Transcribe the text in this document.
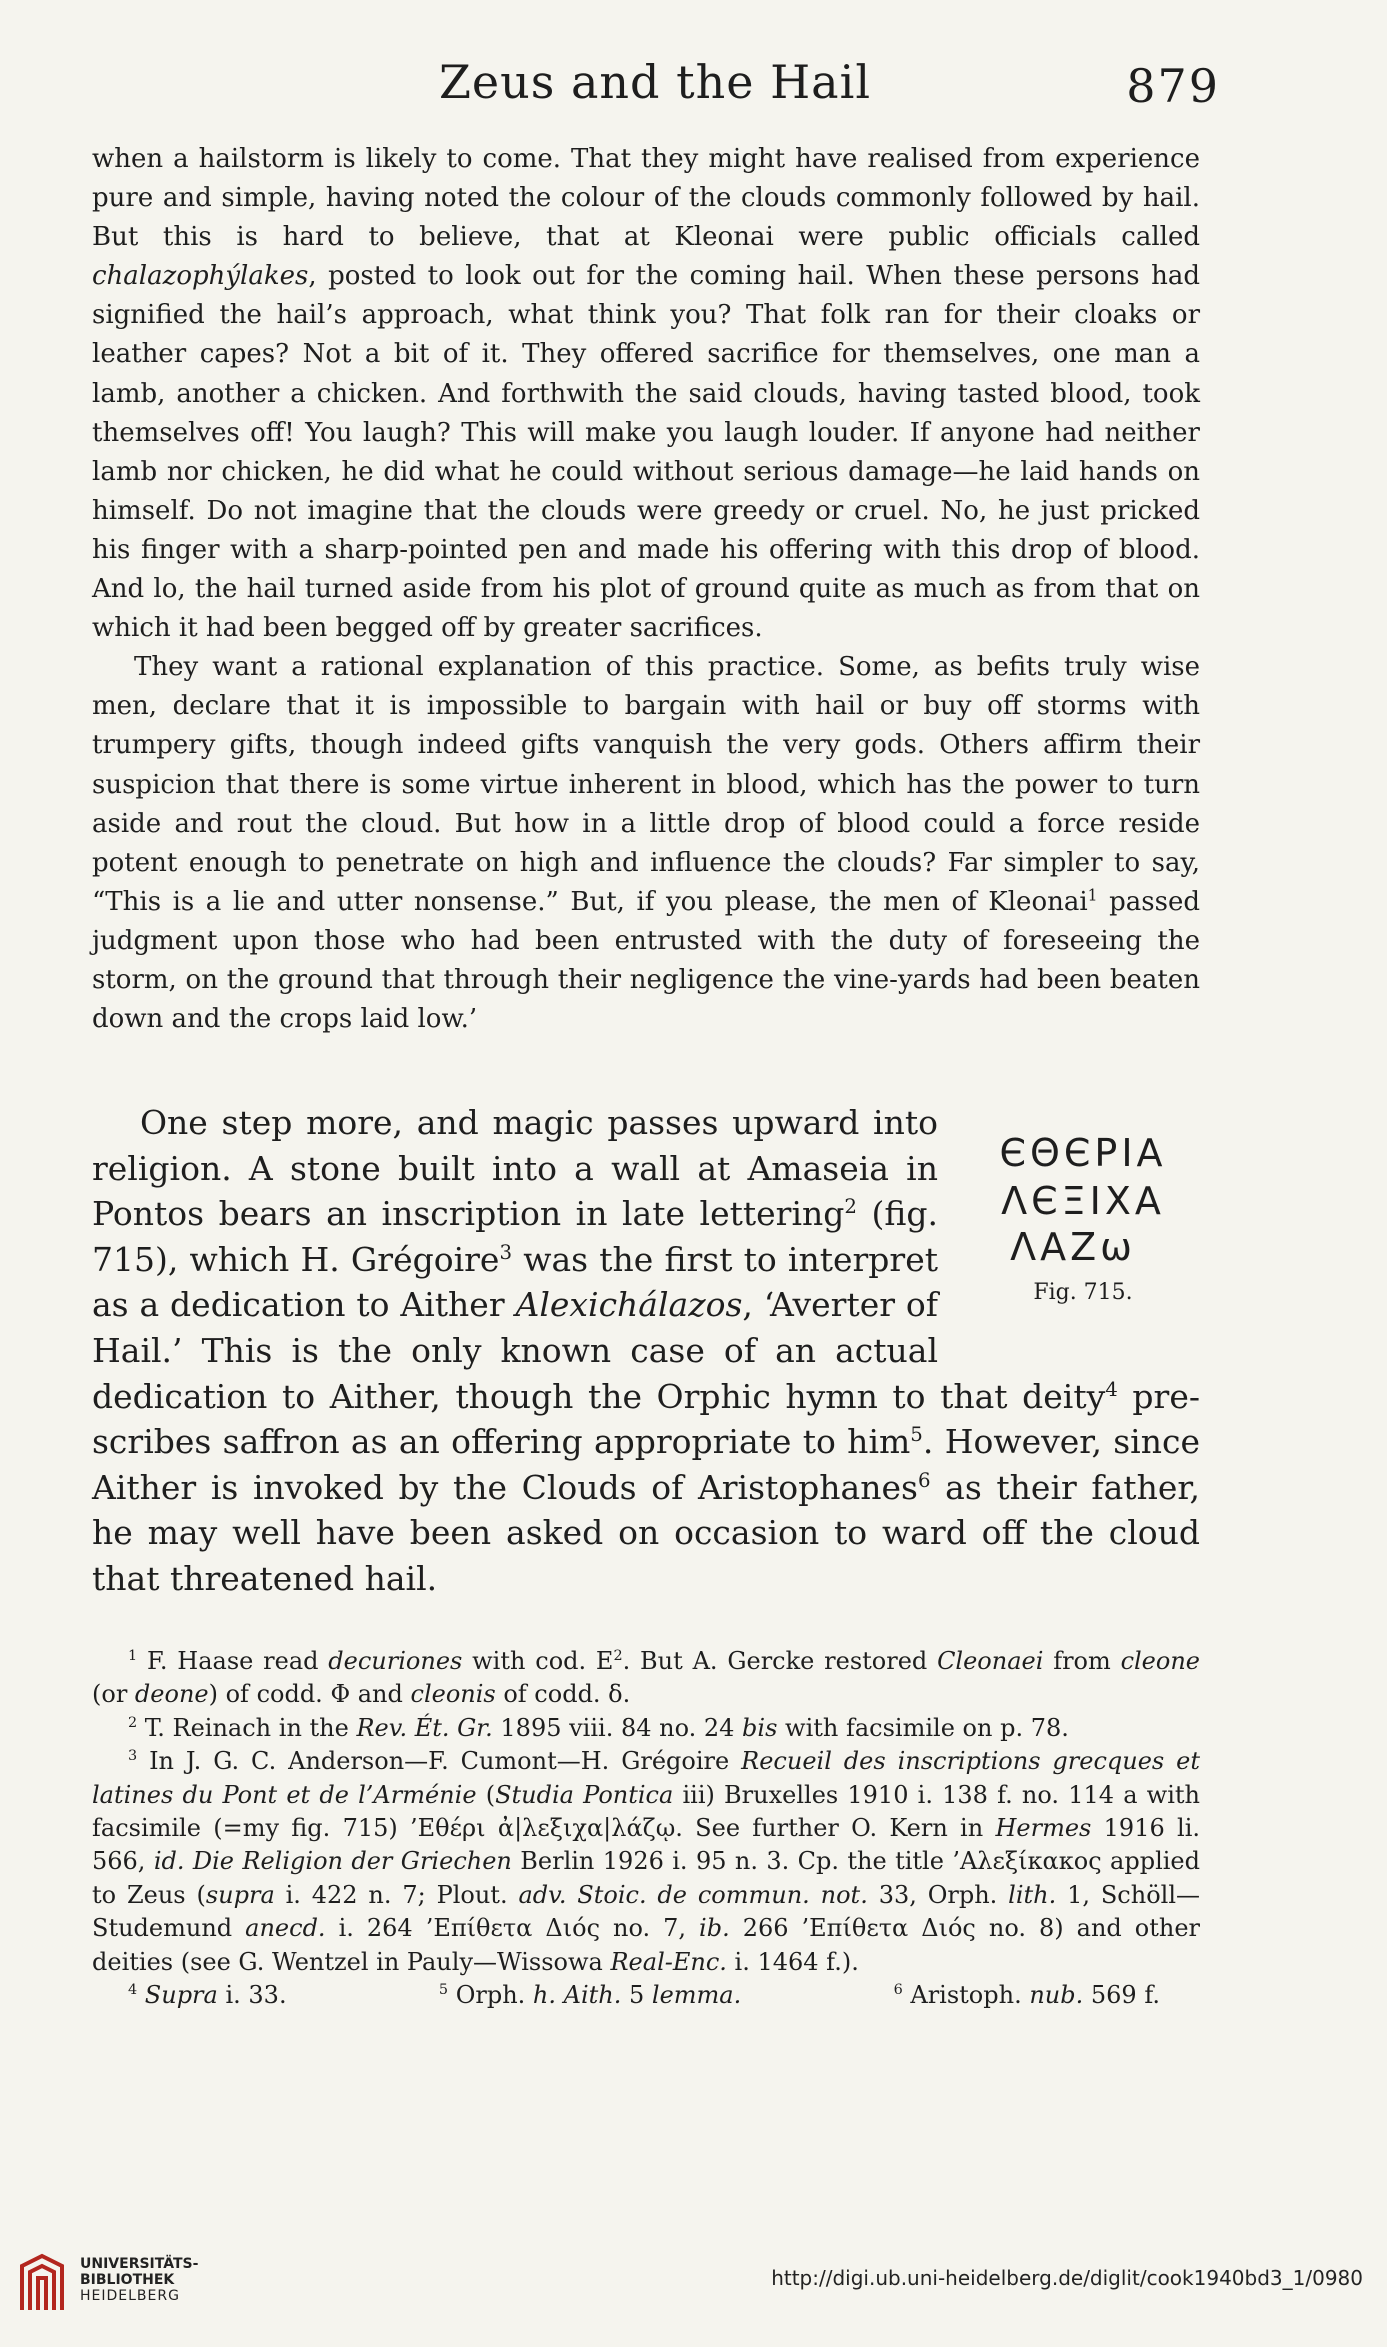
Zeus and the Hail	879

when a hailstorm is likely to come. That they might have realised from experience pure and simple, having noted the colour of the clouds commonly followed by hail. But this is hard to believe, that at Kleonai were public officials called chalazophýlakes, posted to look out for the coming hail. When these persons had signified the hail’s approach, what think you? That folk ran for their cloaks or leather capes? Not a bit of it. They offered sacrifice for themselves, one man a lamb, another a chicken. And forthwith the said clouds, having tasted blood, took themselves off! You laugh? This will make you laugh louder. If anyone had neither lamb nor chicken, he did what he could without serious damage—he laid hands on himself. Do not imagine that the clouds were greedy or cruel. No, he just pricked his finger with a sharp-pointed pen and made his offering with this drop of blood. And lo, the hail turned aside from his plot of ground quite as much as from that on which it had been begged off by greater sacrifices.

They want a rational explanation of this practice. Some, as befits truly wise men, declare that it is impossible to bargain with hail or buy off storms with trumpery gifts, though indeed gifts vanquish the very gods. Others affirm their suspicion that there is some virtue inherent in blood, which has the power to turn aside and rout the cloud. But how in a little drop of blood could a force reside potent enough to penetrate on high and influence the clouds? Far simpler to say, “This is a lie and utter nonsense.” But, if you please, the men of Kleonai$^1$ passed judgment upon those who had been entrusted with the duty of foreseeing the storm, on the ground that through their negligence the vine-yards had been beaten down and the crops laid low.’

ЄΘЄΡΙΑ
ΛЄΞΙΧΑ
ΛΑΖω
Fig. 715.

One step more, and magic passes upward into religion. A stone built into a wall at Amaseia in Pontos bears an inscription in late lettering$^2$ (fig. 715), which H. Grégoire$^3$ was the first to interpret as a dedication to Aither Alexichálazos, ‘Averter of Hail.’ This is the only known case of an actual dedication to Aither, though the Orphic hymn to that deity$^4$ pre-scribes saffron as an offering appropriate to him$^5$. However, since Aither is invoked by the Clouds of Aristophanes$^6$ as their father, he may well have been asked on occasion to ward off the cloud that threatened hail.

$^1$ F. Haase read decuriones with cod. $E^2$. But A. Gercke restored Cleonaei from cleone (or deone) of codd. Φ and cleonis of codd. δ.

$^2$ T. Reinach in the Rev. Ét. Gr. 1895 viii. 84 no. 24 bis with facsimile on p. 78.

$^3$ In J. G. C. Anderson—F. Cumont—H. Grégoire Recueil des inscriptions grecques et latines du Pont et de l’Arménie (Studia Pontica iii) Bruxelles 1910 i. 138 f. no. 114 a with facsimile (=my fig. 715) ’Εθέρι ἀ|λεξιχα|λάζῳ. See further O. Kern in Hermes 1916 li. 566, id. Die Religion der Griechen Berlin 1926 i. 95 n. 3. Cp. the title ’Αλεξίκακος applied to Zeus (supra i. 422 n. 7; Plout. adv. Stoic. de commun. not. 33, Orph. lith. 1, Schöll—Studemund anecd. i. 264 ’Επίθετα Διός no. 7, ib. 266 ’Επίθετα Διός no. 8) and other deities (see G. Wentzel in Pauly—Wissowa Real-Enc. i. 1464 f.).

$^4$ Supra i. 33.	$^5$ Orph. h. Aith. 5 lemma.	$^6$ Aristoph. nub. 569 f.
UNIVERSITÄTS-
BIBLIOTHEK
HEIDELBERG
http://digi.ub.uni-heidelberg.de/diglit/cook1940bd3_1/0980
